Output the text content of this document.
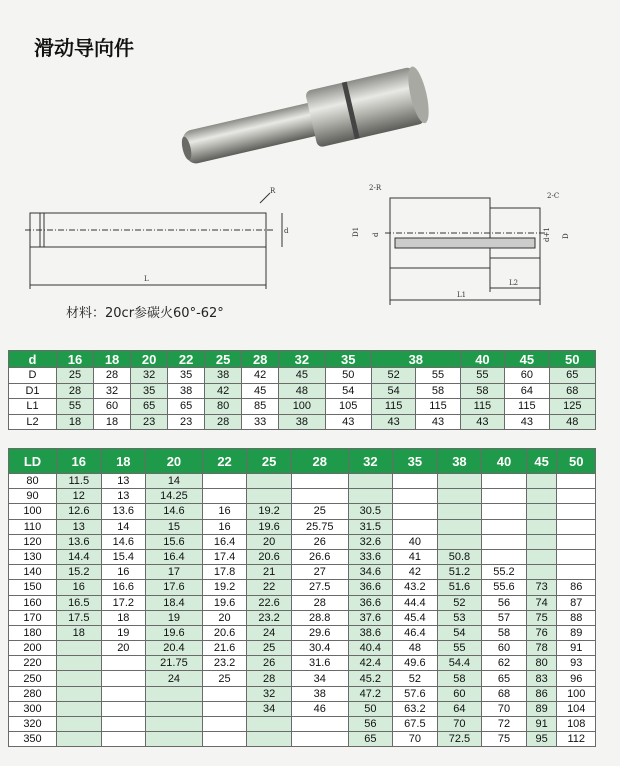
滑动导向件
R
d
L
2-R
2-C
D1 d	d+1 D
L1
L2
材料：20cr参碳火60°-62°
d	16	18	20	22	25	28	32	35	38		40	45	50
D	25	28	32	35	38	42	45	50	52	55	55	60	65
D1	28	32	35	38	42	45	48	54	54	58	58	64	68
L1	55	60	65	65	80	85	100	105	115	115	115	115	125
L2	18	18	23	23	28	33	38	43	43	43	43	43	48
LD	16	18	20	22	25	28	32	35	38	40	45	50
80	11.5	13	14									
90	12	13	14.25									
100	12.6	13.6	14.6	16	19.2	25	30.5					
110	13	14	15	16	19.6	25.75	31.5					
120	13.6	14.6	15.6	16.4	20	26	32.6	40				
130	14.4	15.4	16.4	17.4	20.6	26.6	33.6	41	50.8			
140	15.2	16	17	17.8	21	27	34.6	42	51.2	55.2		
150	16	16.6	17.6	19.2	22	27.5	36.6	43.2	51.6	55.6	73	86
160	16.5	17.2	18.4	19.6	22.6	28	36.6	44.4	52	56	74	87
170	17.5	18	19	20	23.2	28.8	37.6	45.4	53	57	75	88
180	18	19	19.6	20.6	24	29.6	38.6	46.4	54	58	76	89
200		20	20.4	21.6	25	30.4	40.4	48	55	60	78	91
220			21.75	23.2	26	31.6	42.4	49.6	54.4	62	80	93
250			24	25	28	34	45.2	52	58	65	83	96
280					32	38	47.2	57.6	60	68	86	100
300					34	46	50	63.2	64	70	89	104
320							56	67.5	70	72	91	108
350							65	70	72.5	75	95	112
